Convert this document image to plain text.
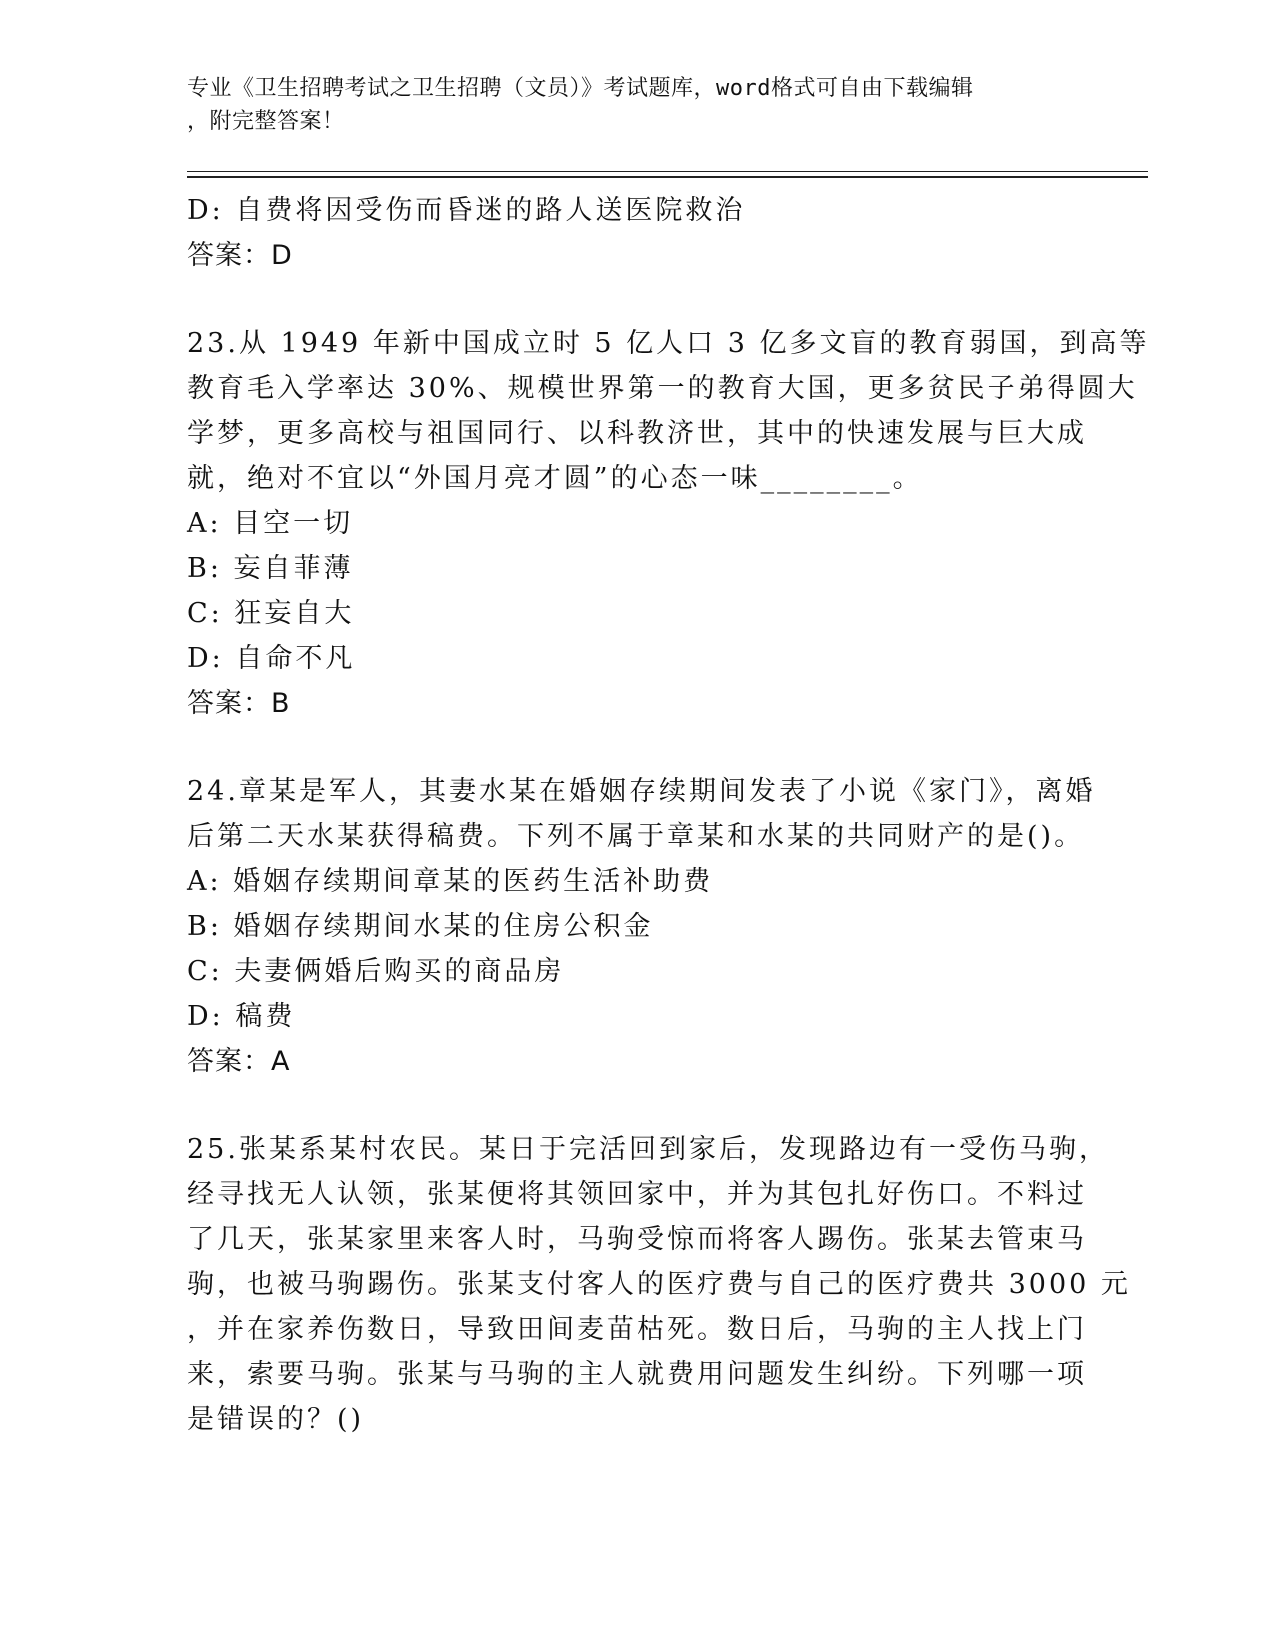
专业《卫生招聘考试之卫生招聘（文员）》考试题库，word格式可自由下载编辑
，附完整答案！
D: 自费将因受伤而昏迷的路人送医院救治
答案：D
23.从 1949 年新中国成立时 5 亿人口 3 亿多文盲的教育弱国，到高等
教育毛入学率达 30%、规模世界第一的教育大国，更多贫民子弟得圆大
学梦，更多高校与祖国同行、以科教济世，其中的快速发展与巨大成
就，绝对不宜以“外国月亮才圆”的心态一味________。
A: 目空一切
B: 妄自菲薄
C: 狂妄自大
D: 自命不凡
答案：B
24.章某是军人，其妻水某在婚姻存续期间发表了小说《家门》，离婚
后第二天水某获得稿费。下列不属于章某和水某的共同财产的是()。
A: 婚姻存续期间章某的医药生活补助费
B: 婚姻存续期间水某的住房公积金
C: 夫妻俩婚后购买的商品房
D: 稿费
答案：A
25.张某系某村农民。某日于完活回到家后，发现路边有一受伤马驹，
经寻找无人认领，张某便将其领回家中，并为其包扎好伤口。不料过
了几天，张某家里来客人时，马驹受惊而将客人踢伤。张某去管束马
驹，也被马驹踢伤。张某支付客人的医疗费与自己的医疗费共 3000 元
，并在家养伤数日，导致田间麦苗枯死。数日后，马驹的主人找上门
来，索要马驹。张某与马驹的主人就费用问题发生纠纷。下列哪一项
是错误的？()
